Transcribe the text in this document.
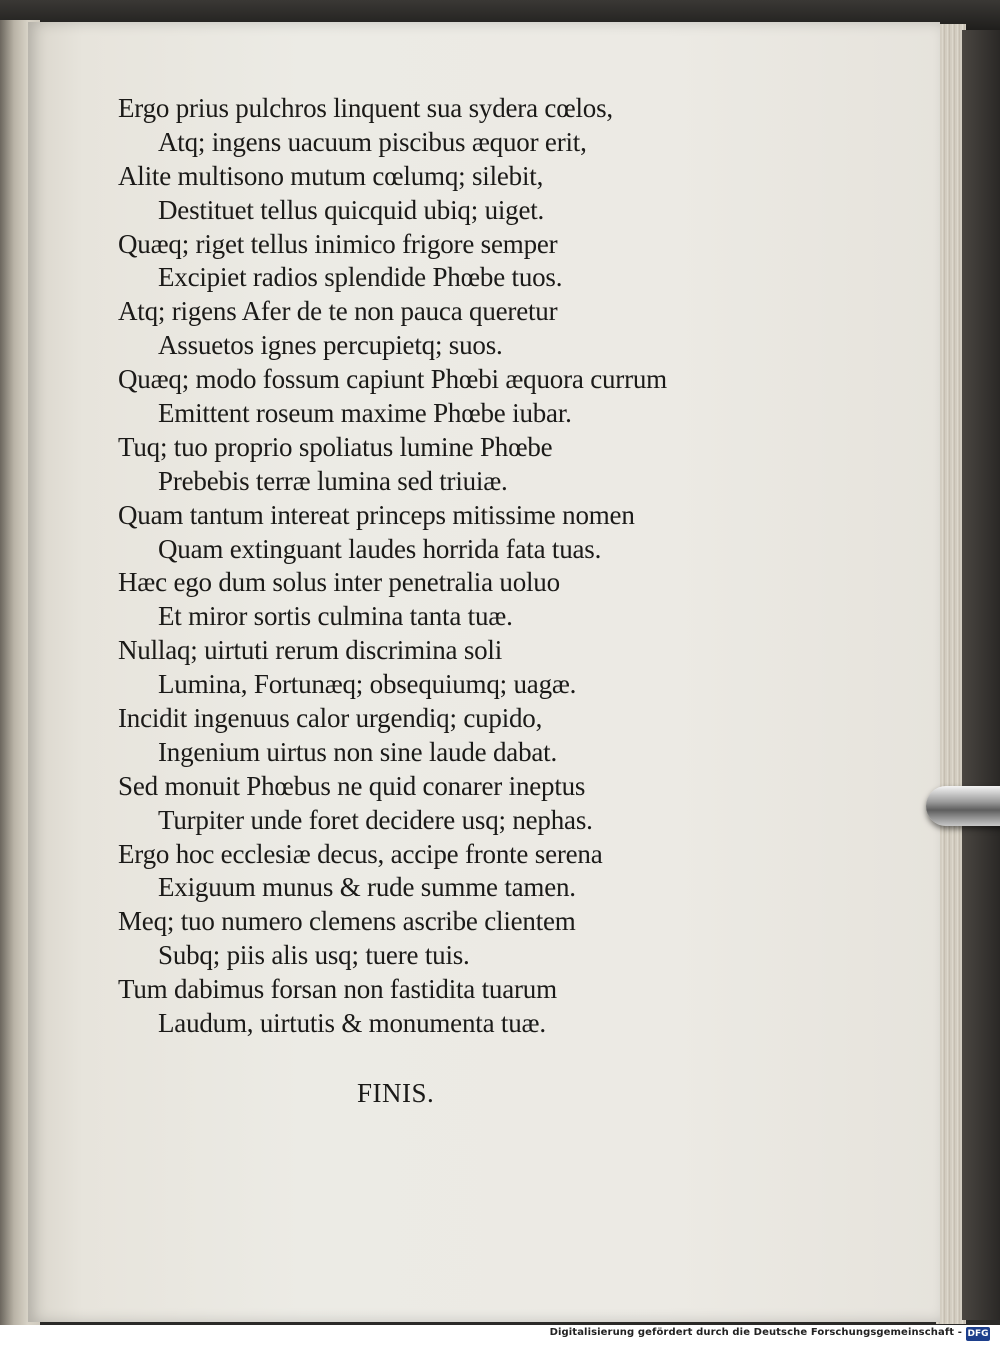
Ergo prius pulchros linquent sua sydera cœlos,
Atq; ingens uacuum piscibus æquor erit,
Alite multisono mutum cœlumq; silebit,
Destituet tellus quicquid ubiq; uiget.
Quæq; riget tellus inimico frigore semper
Excipiet radios splendide Phœbe tuos.
Atq; rigens Afer de te non pauca queretur
Assuetos ignes percupietq; suos.
Quæq; modo fossum capiunt Phœbi æquora currum
Emittent roseum maxime Phœbe iubar.
Tuq; tuo proprio spoliatus lumine Phœbe
Prebebis terræ lumina sed triuiæ.
Quam tantum intereat princeps mitissime nomen
Quam extinguant laudes horrida fata tuas.
Hæc ego dum solus inter penetralia uoluo
Et miror sortis culmina tanta tuæ.
Nullaq; uirtuti rerum discrimina soli
Lumina, Fortunæq; obsequiumq; uagæ.
Incidit ingenuus calor urgendiq; cupido,
Ingenium uirtus non sine laude dabat.
Sed monuit Phœbus ne quid conarer ineptus
Turpiter unde foret decidere usq; nephas.
Ergo hoc ecclesiæ decus, accipe fronte serena
Exiguum munus & rude summe tamen.
Meq; tuo numero clemens ascribe clientem
Subq; piis alis usq; tuere tuis.
Tum dabimus forsan non fastidita tuarum
Laudum, uirtutis & monumenta tuæ.
FINIS.
Digitalisierung gefördert durch die Deutsche Forschungsgemeinschaft - DFG
